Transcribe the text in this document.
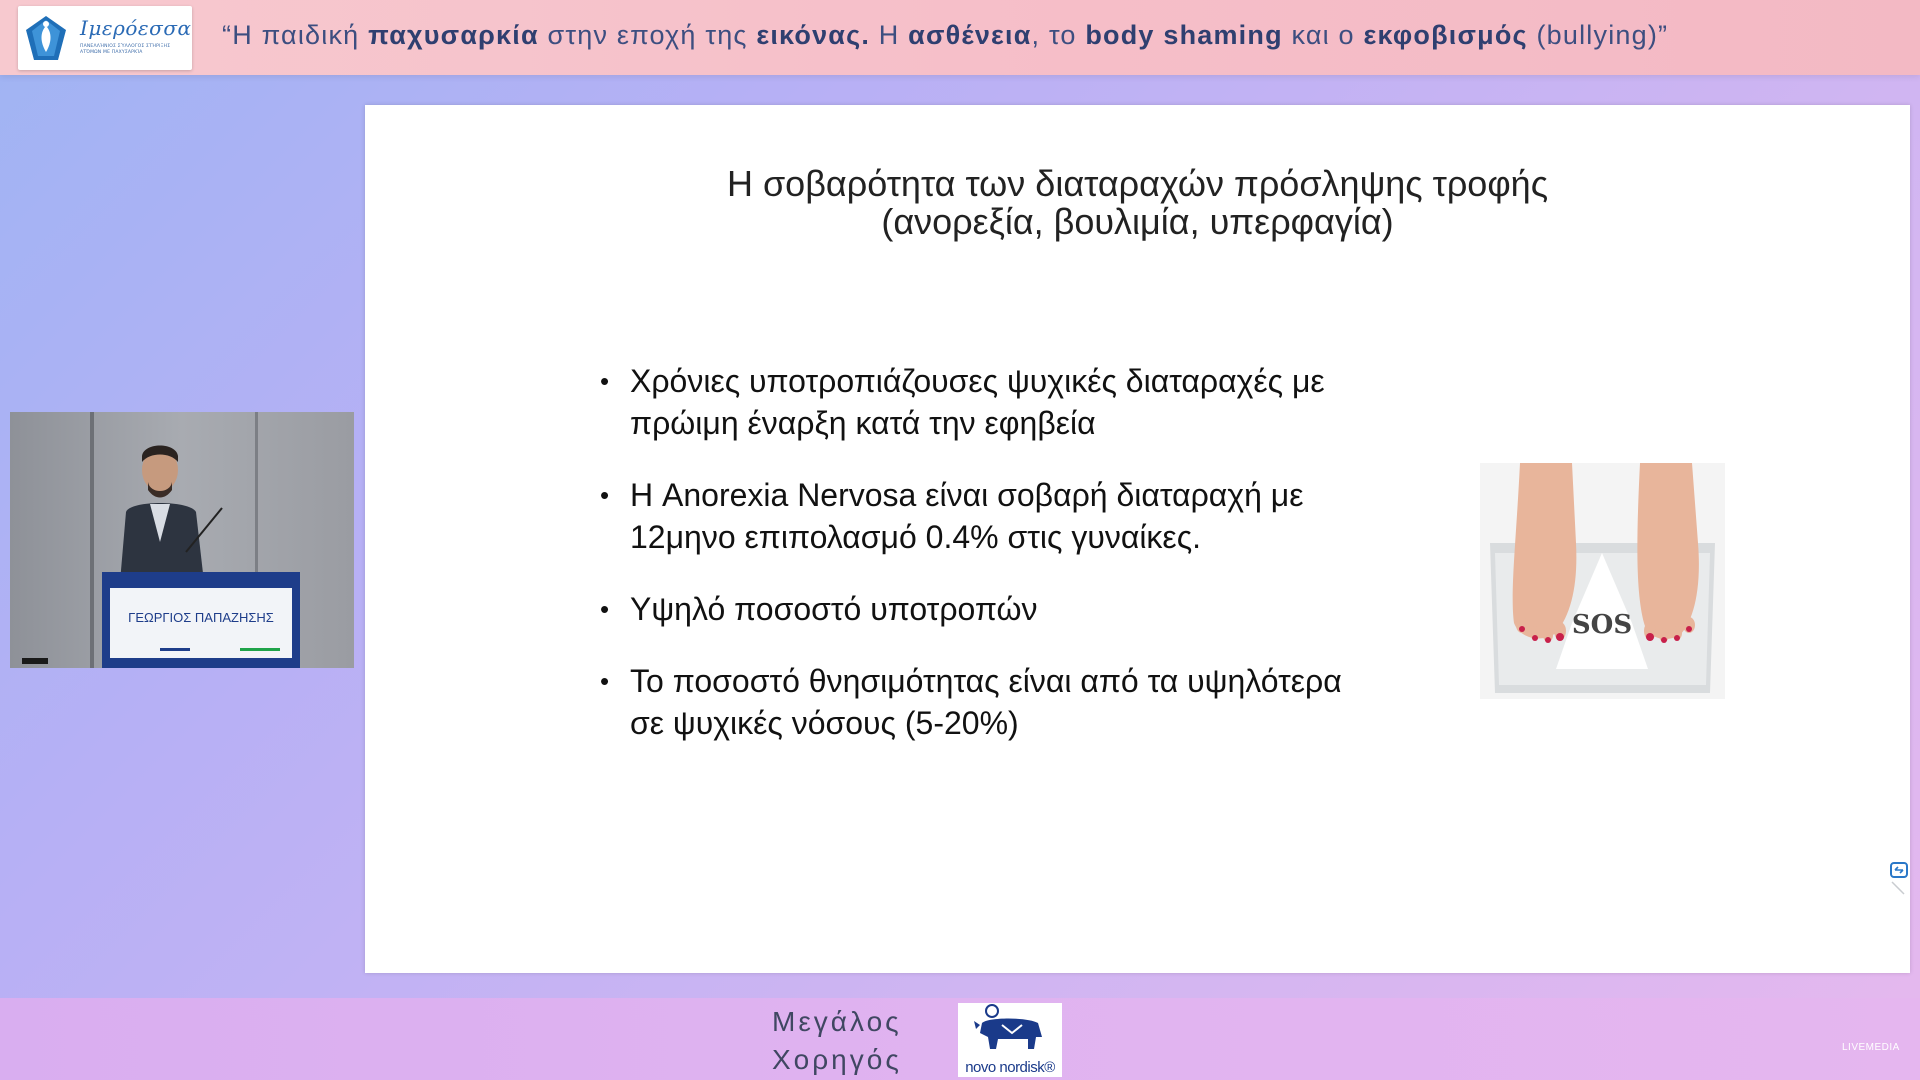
Ιμερόεσσα
ΠΑΝΕΛΛΉΝΙΟΣ ΣΎΛΛΟΓΟΣ ΣΤΉΡΙΞΗΣ ΑΤΌΜΩΝ ΜΕ ΠΑΧΥΣΑΡΚΊΑ
“Η παιδική παχυσαρκία στην εποχή της εικόνας. Η ασθένεια, το body shaming και ο εκφοβισμός (bullying)”
ΓΕΩΡΓΙΟΣ ΠΑΠΑΖΗΣΗΣ
Η σοβαρότητα των διαταραχών πρόσληψης τροφής
(ανορεξία, βουλιμία, υπερφαγία)
• Χρόνιες υποτροπιάζουσες ψυχικές διαταραχές με
πρώιμη έναρξη κατά την εφηβεία
• Η Anorexia Nervosa είναι σοβαρή διαταραχή με
12μηνο επιπολασμό 0.4% στις γυναίκες.
• Υψηλό ποσοστό υποτροπών
• Το ποσοστό θνησιμότητας είναι από τα υψηλότερα
σε ψυχικές νόσους (5-20%)
SOS
Μεγάλος
Χορηγός	novo nordisk®
LIVEMEDIA
